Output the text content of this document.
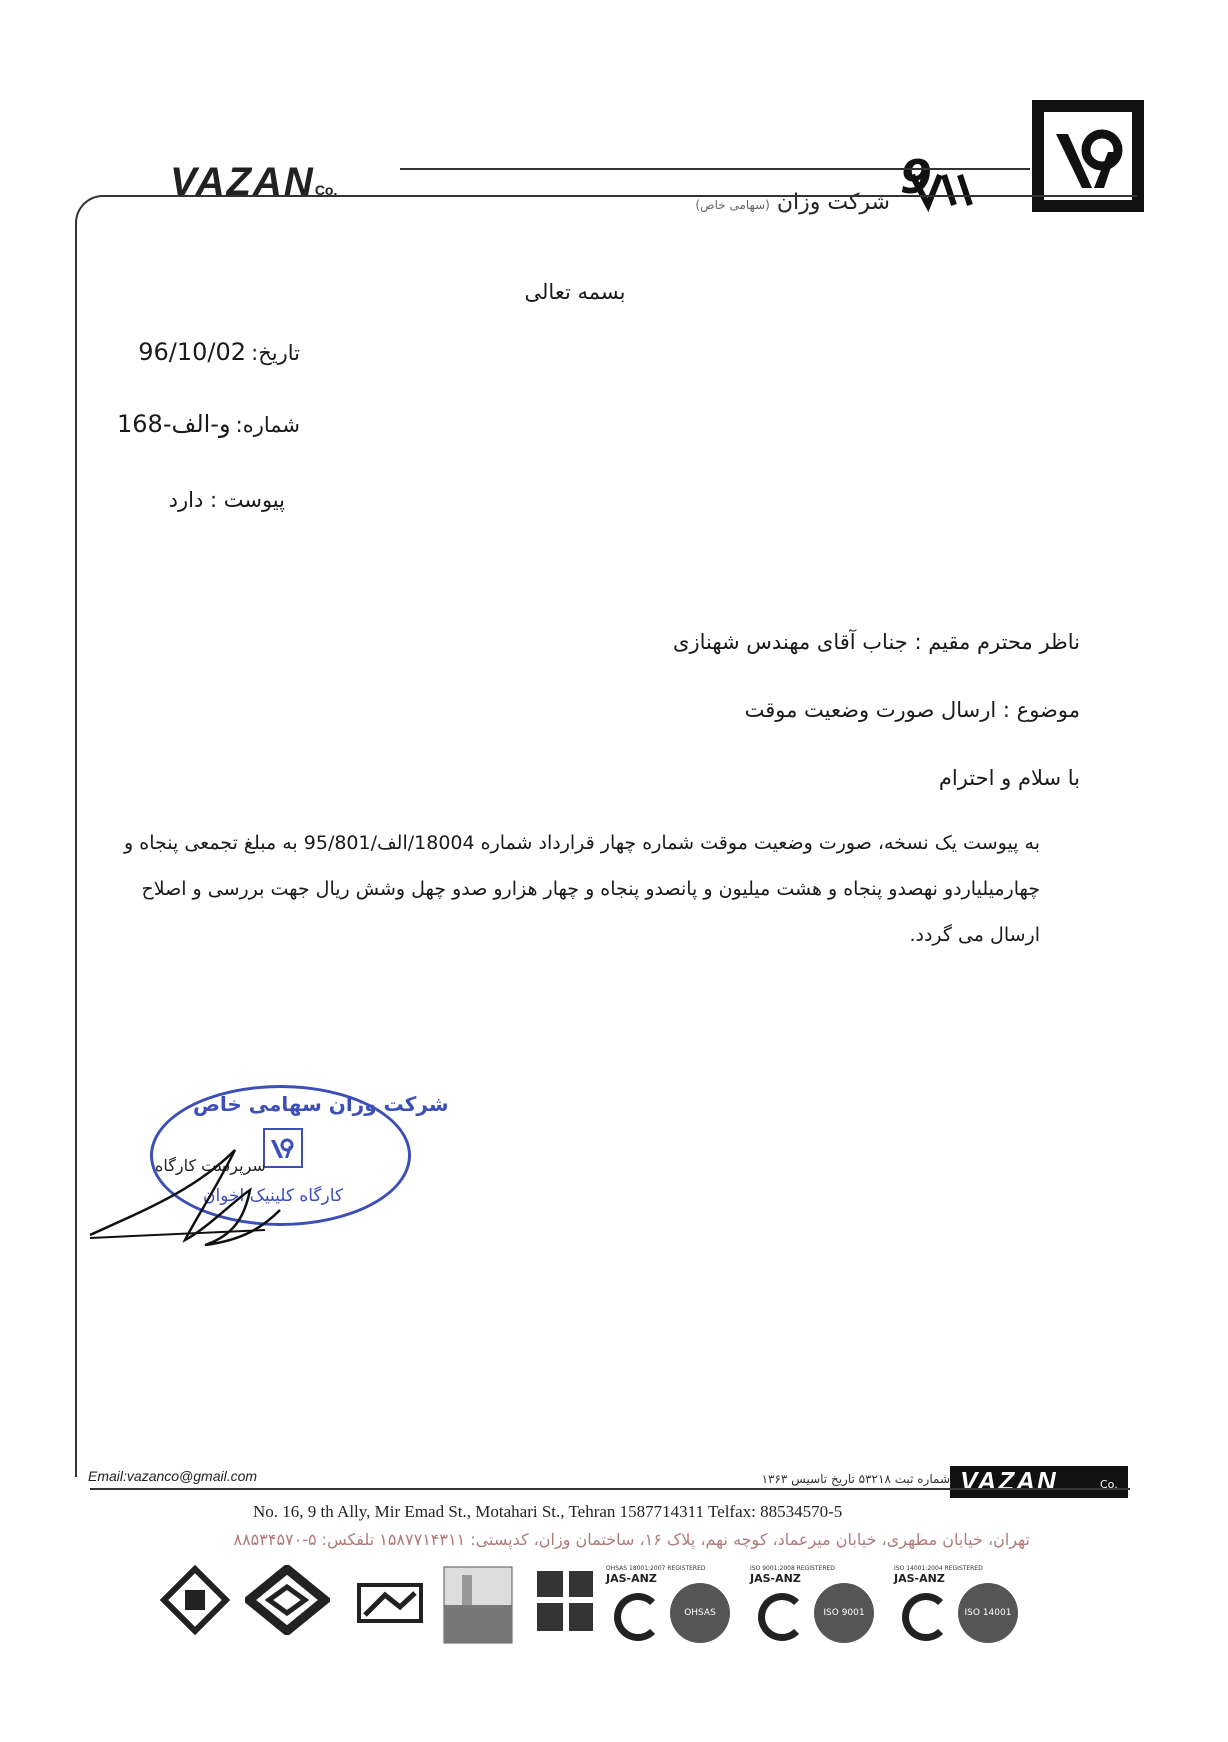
VAZANCo.	9
شرکت وزان (سهامی خاص)
بسمه تعالی
تاریخ: 96/10/02
شماره: و-الف-168
پیوست : دارد
ناظر محترم مقیم : جناب آقای مهندس شهنازی
موضوع : ارسال صورت وضعیت موقت
با سلام و احترام
به پیوست یک نسخه، صورت وضعیت موقت شماره چهار قرارداد شماره 18004/الف/95/801 به مبلغ تجمعی پنجاه و چهارمیلیاردو نهصدو پنجاه و هشت میلیون و پانصدو پنجاه و چهار هزارو صدو چهل وشش ریال جهت بررسی و اصلاح ارسال می گردد.
شرکت وزان سهامی خاص
سرپرست کارگاه
کارگاه کلینیک اخوان
Email:vazanco@gmail.com	شماره ثبت ۵۳۲۱۸ تاریخ تاسیس ۱۳۶۳ VAZAN	Co.
No. 16, 9 th Ally, Mir Emad St., Motahari St., Tehran 1587714311 Telfax: 88534570-5
تهران، خیابان مطهری، خیابان میرعماد، کوچه نهم، پلاک ۱۶، ساختمان وزان، کدپستی: ۱۵۸۷۷۱۴۳۱۱ تلفکس: ۵-۸۸۵۳۴۵۷۰
OHSAS 18001:2007 REGISTERED
JAS-ANZ
OHSAS 18001
ISO 9001:2008 REGISTERED
JAS-ANZ
ISO 9001
ISO 14001:2004 REGISTERED
JAS-ANZ
ISO 14001
